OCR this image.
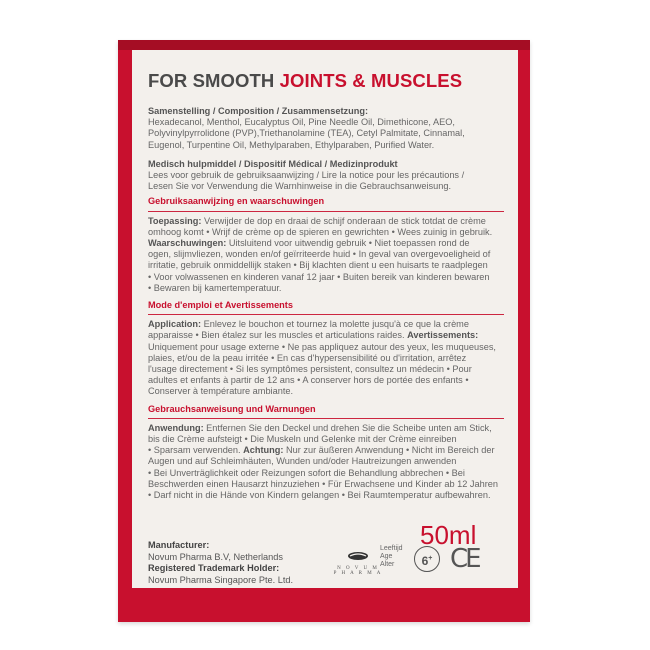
FOR SMOOTH JOINTS & MUSCLES

Samenstelling / Composition / Zusammensetzung:

Hexadecanol, Menthol, Eucalyptus Oil, Pine Needle Oil, Dimethicone, AEO,

Polyvinylpyrrolidone (PVP),Triethanolamine (TEA), Cetyl Palmitate, Cinnamal,

Eugenol, Turpentine Oil, Methylparaben, Ethylparaben, Purified Water.

Medisch hulpmiddel / Dispositif Médical / Medizinprodukt

Lees voor gebruik de gebruiksaanwijzing / Lire la notice pour les précautions /

Lesen Sie vor Verwendung die Warnhinweise in die Gebrauchsanweisung.

Gebruiksaanwijzing en waarschuwingen

Toepassing: Verwijder de dop en draai de schijf onderaan de stick totdat de crème

omhoog komt • Wrijf de crème op de spieren en gewrichten • Wees zuinig in gebruik.

Waarschuwingen: Uitsluitend voor uitwendig gebruik • Niet toepassen rond de

ogen, slijmvliezen, wonden en/of geïrriteerde huid • In geval van overgevoeligheid of

irritatie, gebruik onmiddellijk staken • Bij klachten dient u een huisarts te raadplegen

• Voor volwassenen en kinderen vanaf 12 jaar • Buiten bereik van kinderen bewaren

• Bewaren bij kamertemperatuur.

Mode d'emploi et Avertissements

Application: Enlevez le bouchon et tournez la molette jusqu'à ce que la crème

apparaisse • Bien étalez sur les muscles et articulations raides. Avertissements:

Uniquement pour usage externe • Ne pas appliquez autour des yeux, les muqueuses,

plaies, et/ou de la peau irritée • En cas d'hypersensibilité ou d'irritation, arrêtez

l'usage directement • Si les symptômes persistent, consultez un médecin • Pour

adultes et enfants à partir de 12 ans • A conserver hors de portée des enfants •

Conserver à température ambiante.

Gebrauchsanweisung und Warnungen

Anwendung: Entfernen Sie den Deckel und drehen Sie die Scheibe unten am Stick,

bis die Crème aufsteigt • Die Muskeln und Gelenke mit der Crème einreiben

• Sparsam verwenden. Achtung: Nur zur äußeren Anwendung • Nicht im Bereich der

Augen und auf Schleimhäuten, Wunden und/oder Hautreizungen anwenden

• Bei Unverträglichkeit oder Reizungen sofort die Behandlung abbrechen • Bei

Beschwerden einen Hausarzt hinzuziehen • Für Erwachsene und Kinder ab 12 Jahren

• Darf nicht in die Hände von Kindern gelangen • Bei Raumtemperatur aufbewahren.

Manufacturer:
Novum Pharma B.V, Netherlands
Registered Trademark Holder:
Novum Pharma Singapore Pte. Ltd.
50ml
N O V U M
P H A R M A
Leeftijd
Age
Alter	6+ CE
